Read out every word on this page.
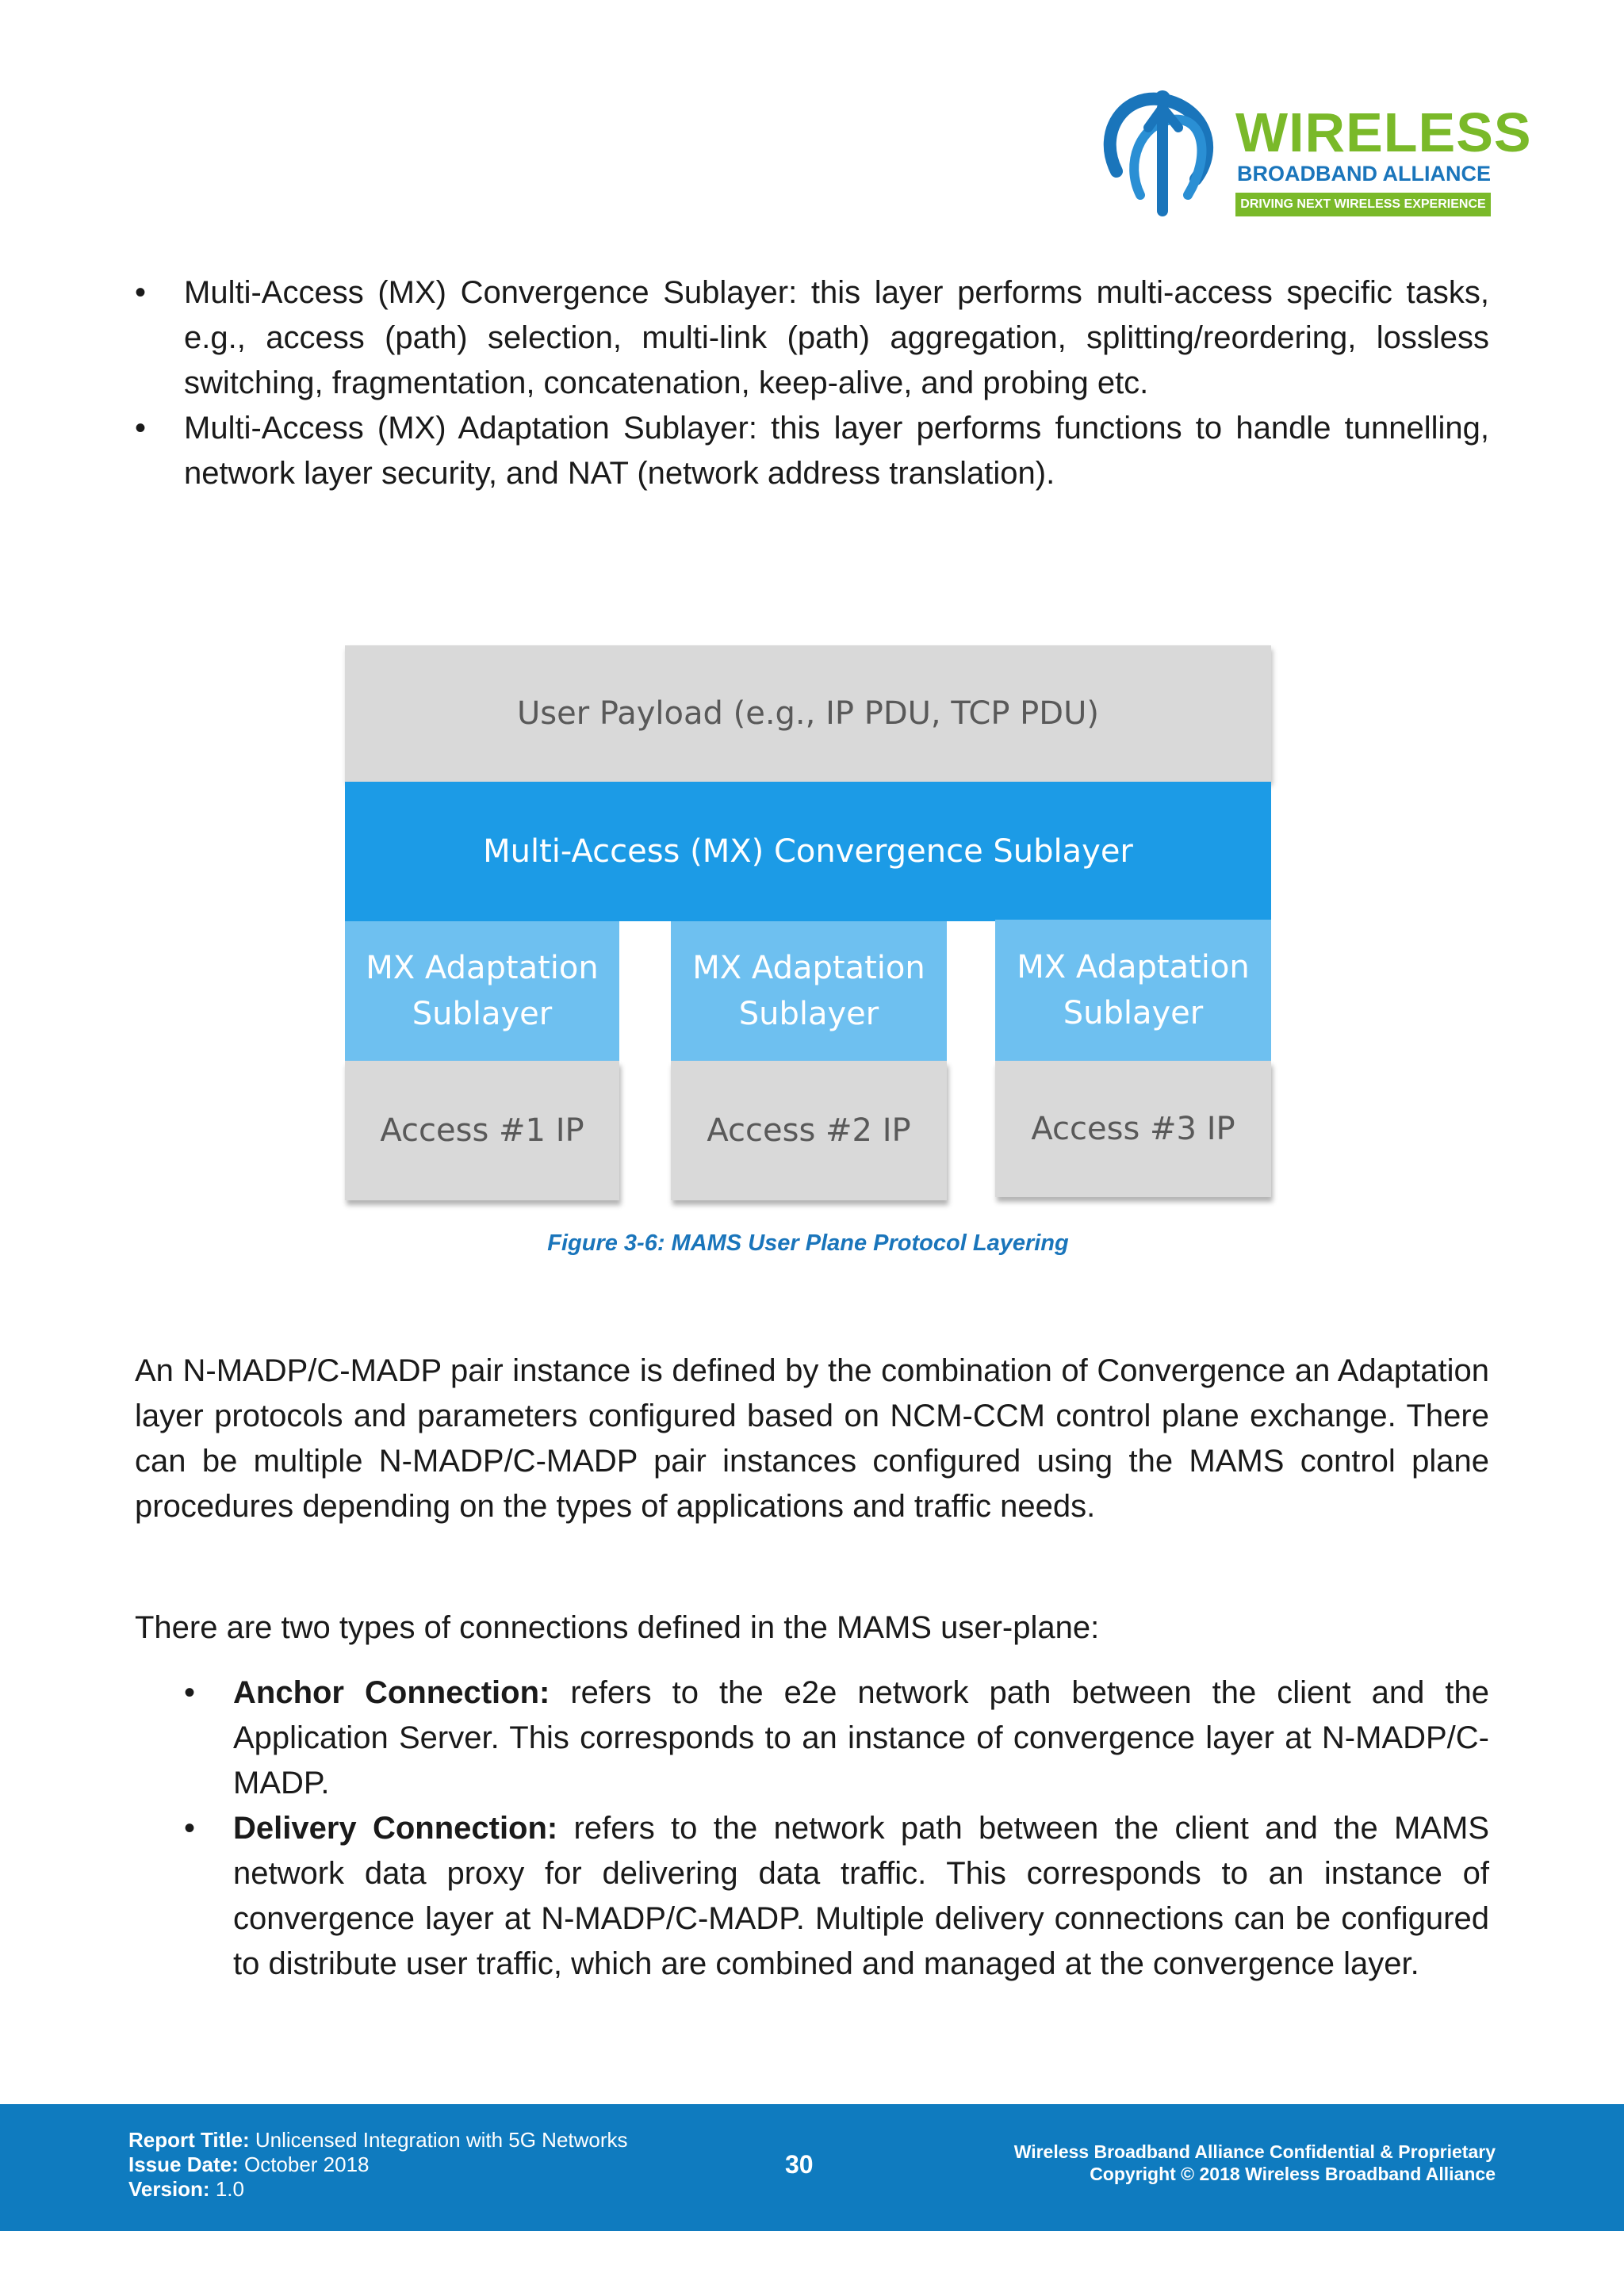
WIRELESS
BROADBAND ALLIANCE
DRIVING NEXT WIRELESS EXPERIENCE
• Multi-Access (MX) Convergence Sublayer: this layer performs multi-access specific tasks, e.g., access (path) selection, multi-link (path) aggregation, splitting/reordering, lossless switching, fragmentation, concatenation, keep-alive, and probing etc.
• Multi-Access (MX) Adaptation Sublayer: this layer performs functions to handle tunnelling, network layer security, and NAT (network address translation).
User Payload (e.g., IP PDU, TCP PDU)
Multi-Access (MX) Convergence Sublayer
MX Adaptation Sublayer
MX Adaptation Sublayer
MX Adaptation Sublayer
Access #1 IP	Access #2 IP	Access #3 IP
Figure 3-6: MAMS User Plane Protocol Layering

An N-MADP/C-MADP pair instance is defined by the combination of Convergence an Adaptation layer protocols and parameters configured based on NCM-CCM control plane exchange. There can be multiple N-MADP/C-MADP pair instances configured using the MAMS control plane procedures depending on the types of applications and traffic needs.

There are two types of connections defined in the MAMS user-plane:

• Anchor Connection: refers to the e2e network path between the client and the Application Server. This corresponds to an instance of convergence layer at N-MADP/C-MADP.
• Delivery Connection: refers to the network path between the client and the MAMS network data proxy for delivering data traffic. This corresponds to an instance of convergence layer at N-MADP/C-MADP. Multiple delivery connections can be configured to distribute user traffic, which are combined and managed at the convergence layer.
Report Title: Unlicensed Integration with 5G Networks
Issue Date: October 2018
Version: 1.0
30	Wireless Broadband Alliance Confidential & Proprietary
Copyright © 2018 Wireless Broadband Alliance
